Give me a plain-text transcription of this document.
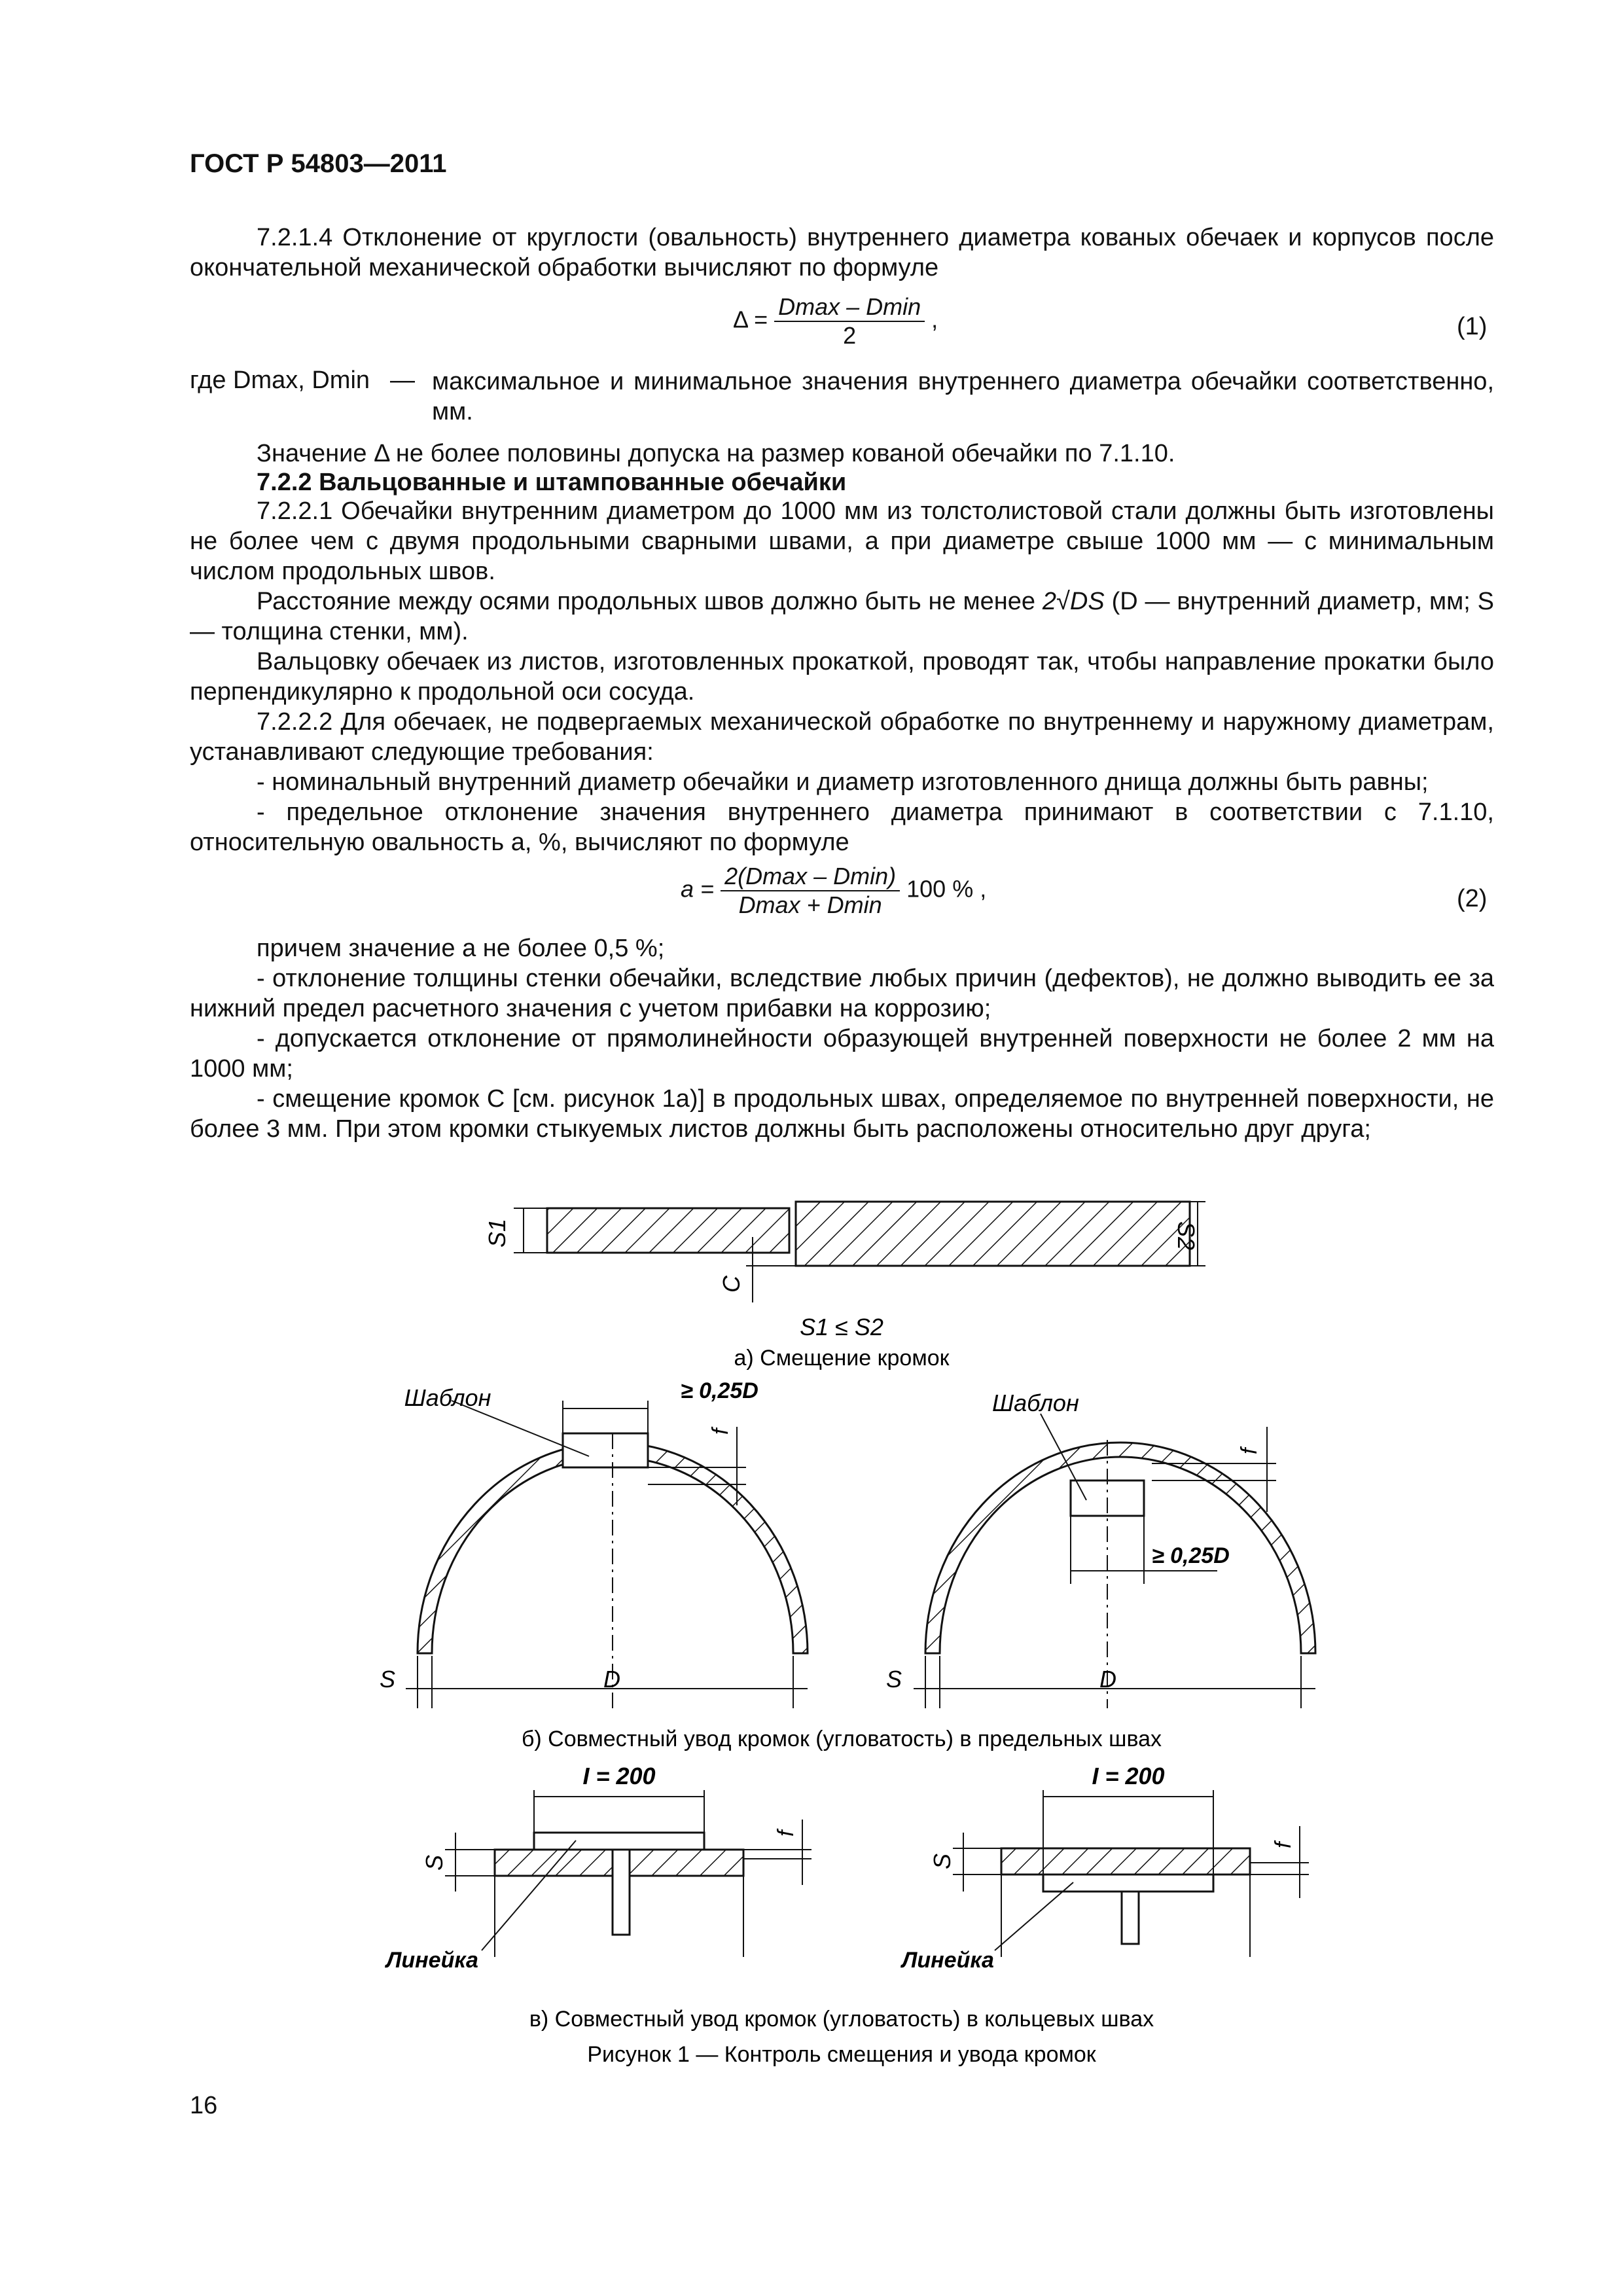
ГОСТ Р 54803—2011
7.2.1.4 Отклонение от круглости (овальность) внутреннего диаметра кованых обечаек и корпусов после окончательной механической обработки вычисляют по формуле
$\Delta = \frac{Dmax - Dmin}{2}$ ,	(1)
где Dmax, Dmin — максимальное и минимальное значения внутреннего диаметра обечайки соответственно, мм.
Значение Δ не более половины допуска на размер кованой обечайки по 7.1.10.
7.2.2 Вальцованные и штампованные обечайки
7.2.2.1 Обечайки внутренним диаметром до 1000 мм из толстолистовой стали должны быть изготовлены не более чем с двумя продольными сварными швами, а при диаметре свыше 1000 мм — с минимальным числом продольных швов.
Расстояние между осями продольных швов должно быть не менее 2√DS (D — внутренний диаметр, мм; S — толщина стенки, мм).
Вальцовку обечаек из листов, изготовленных прокаткой, проводят так, чтобы направление прокатки было перпендикулярно к продольной оси сосуда.
7.2.2.2 Для обечаек, не подвергаемых механической обработке по внутреннему и наружному диаметрам, устанавливают следующие требования:
- номинальный внутренний диаметр обечайки и диаметр изготовленного днища должны быть равны;
- предельное отклонение значения внутреннего диаметра принимают в соответствии с 7.1.10, относительную овальность a, %, вычисляют по формуле
$a = \frac{2(Dmax - Dmin)}{Dmax + Dmin} 100$ % ,	(2)
причем значение a не более 0,5 %;
- отклонение толщины стенки обечайки, вследствие любых причин (дефектов), не должно выводить ее за нижний предел расчетного значения с учетом прибавки на коррозию;
- допускается отклонение от прямолинейности образующей внутренней поверхности не более 2 мм на 1000 мм;
- смещение кромок С [см. рисунок 1а)] в продольных швах, определяемое по внутренней поверхности, не более 3 мм. При этом кромки стыкуемых листов должны быть расположены относительно друг друга;
S1	S2
C
S1 ≤ S2
а) Смещение кромок
Шаблон	≥ 0,25D
f
S	D
Шаблон
≥ 0,25D
f
S	D
б) Совместный увод кромок (угловатость) в предельных швах
I = 200
f
S
Линейка
I = 200
f
S
Линейка
в) Совместный увод кромок (угловатость) в кольцевых швах
Рисунок 1 — Контроль смещения и увода кромок
16
